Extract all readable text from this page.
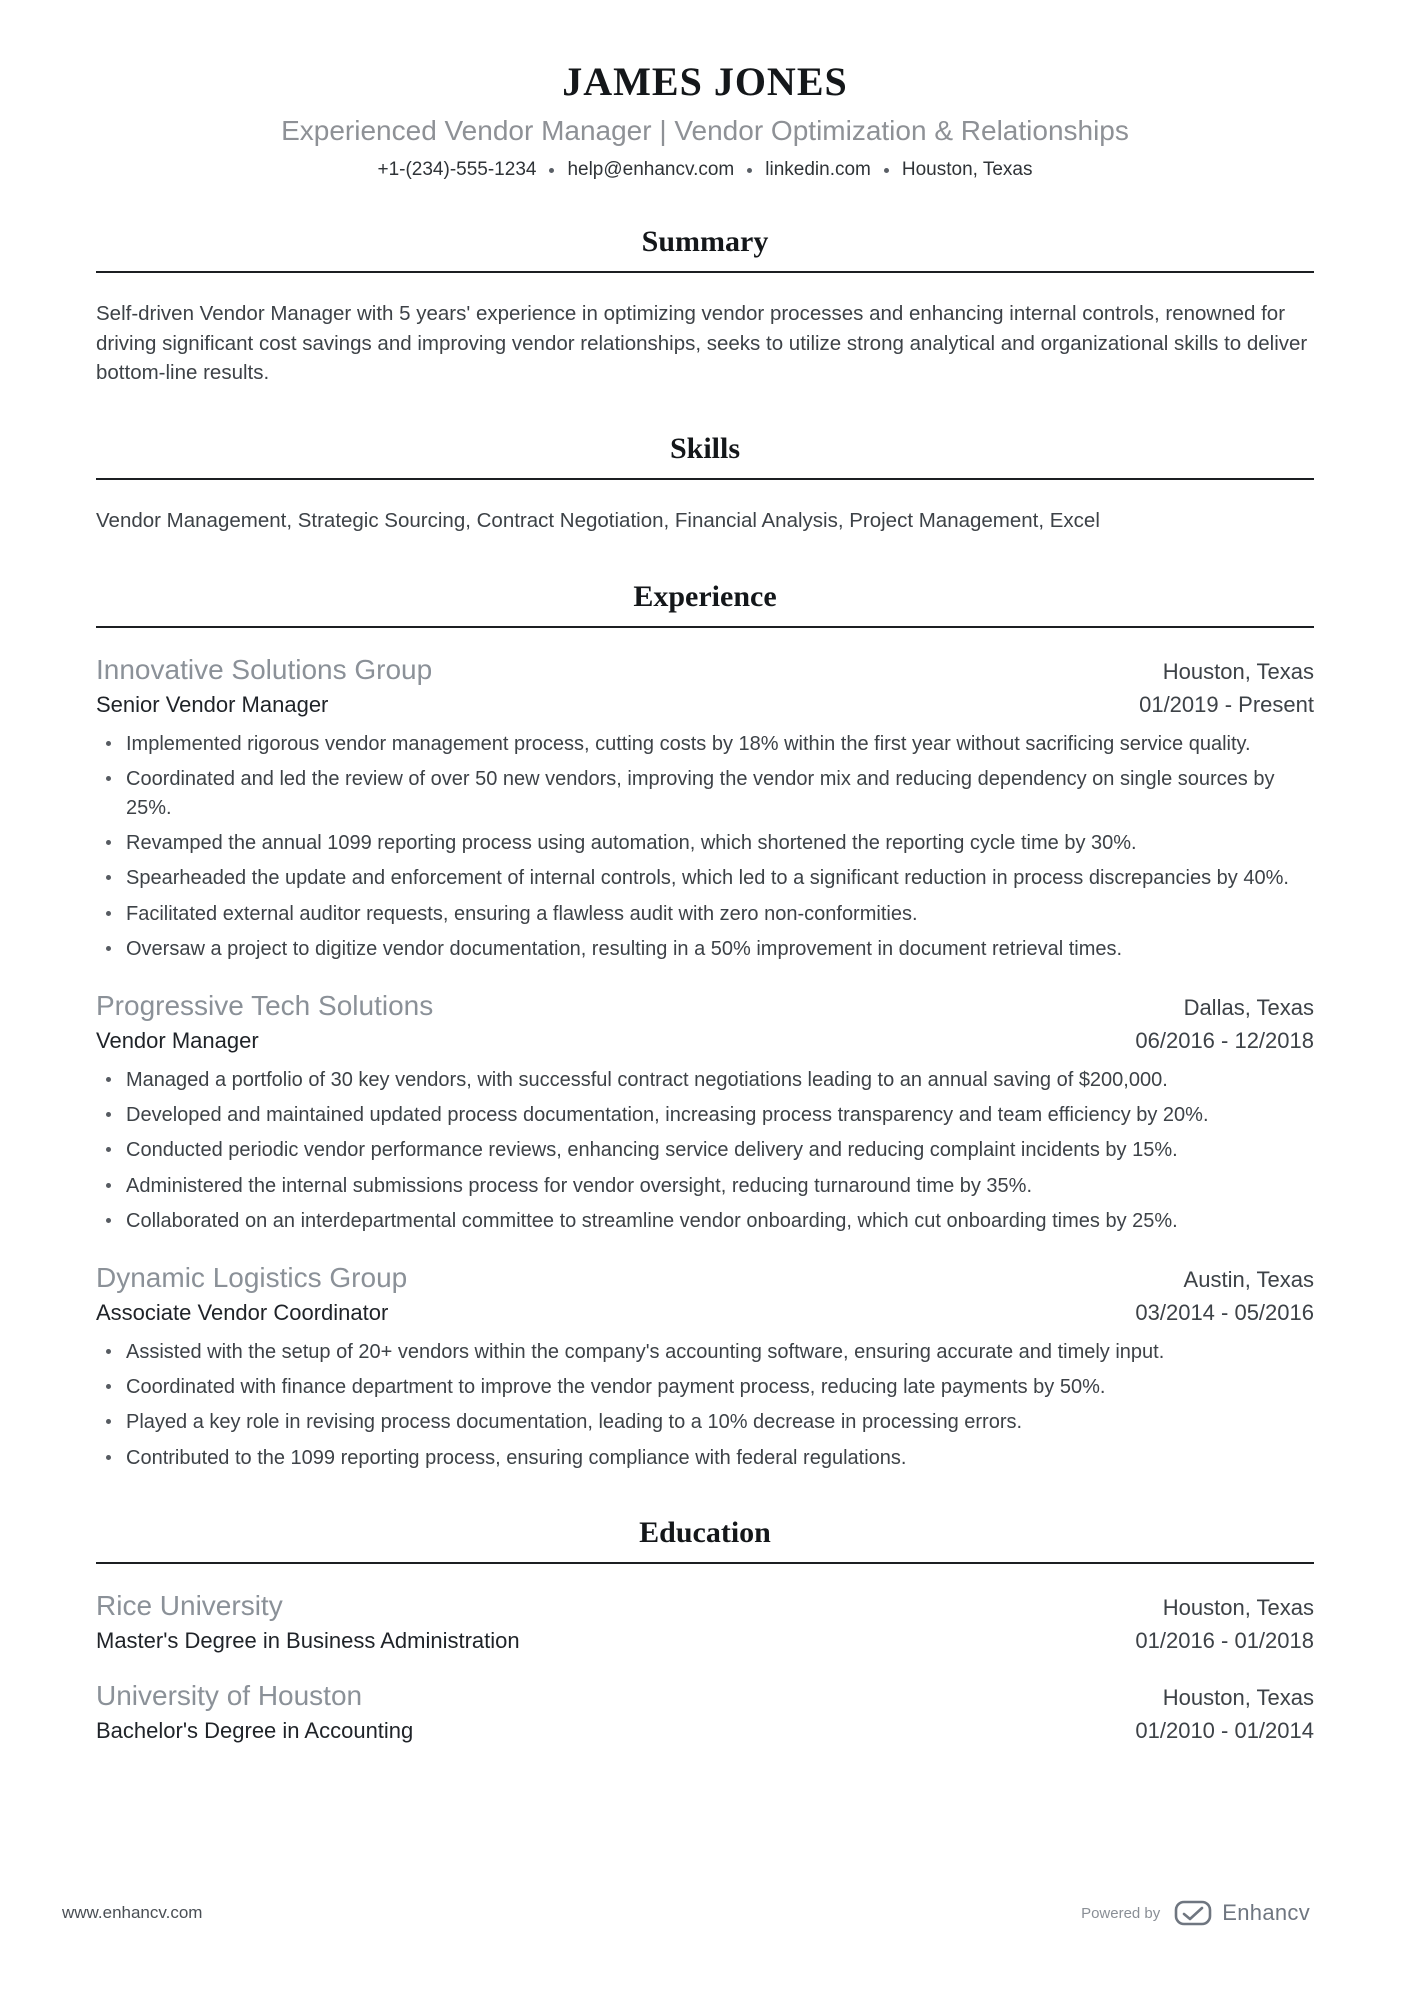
JAMES JONES
Experienced Vendor Manager | Vendor Optimization & Relationships
+1-(234)-555-1234 help@enhancv.com linkedin.com Houston, Texas
Summary
Self-driven Vendor Manager with 5 years' experience in optimizing vendor processes and enhancing internal controls, renowned for driving significant cost savings and improving vendor relationships, seeks to utilize strong analytical and organizational skills to deliver bottom-line results.
Skills
Vendor Management, Strategic Sourcing, Contract Negotiation, Financial Analysis, Project Management, Excel
Experience
Innovative Solutions Group	Houston, Texas
Senior Vendor Manager	01/2019 - Present
Implemented rigorous vendor management process, cutting costs by 18% within the first year without sacrificing service quality.
Coordinated and led the review of over 50 new vendors, improving the vendor mix and reducing dependency on single sources by 25%.
Revamped the annual 1099 reporting process using automation, which shortened the reporting cycle time by 30%.
Spearheaded the update and enforcement of internal controls, which led to a significant reduction in process discrepancies by 40%.
Facilitated external auditor requests, ensuring a flawless audit with zero non-conformities.
Oversaw a project to digitize vendor documentation, resulting in a 50% improvement in document retrieval times.
Progressive Tech Solutions	Dallas, Texas
Vendor Manager	06/2016 - 12/2018
Managed a portfolio of 30 key vendors, with successful contract negotiations leading to an annual saving of $200,000.
Developed and maintained updated process documentation, increasing process transparency and team efficiency by 20%.
Conducted periodic vendor performance reviews, enhancing service delivery and reducing complaint incidents by 15%.
Administered the internal submissions process for vendor oversight, reducing turnaround time by 35%.
Collaborated on an interdepartmental committee to streamline vendor onboarding, which cut onboarding times by 25%.
Dynamic Logistics Group	Austin, Texas
Associate Vendor Coordinator	03/2014 - 05/2016
Assisted with the setup of 20+ vendors within the company's accounting software, ensuring accurate and timely input.
Coordinated with finance department to improve the vendor payment process, reducing late payments by 50%.
Played a key role in revising process documentation, leading to a 10% decrease in processing errors.
Contributed to the 1099 reporting process, ensuring compliance with federal regulations.
Education
Rice University	Houston, Texas
Master's Degree in Business Administration	01/2016 - 01/2018
University of Houston	Houston, Texas
Bachelor's Degree in Accounting	01/2010 - 01/2014
www.enhancv.com	Powered by	Enhancv
